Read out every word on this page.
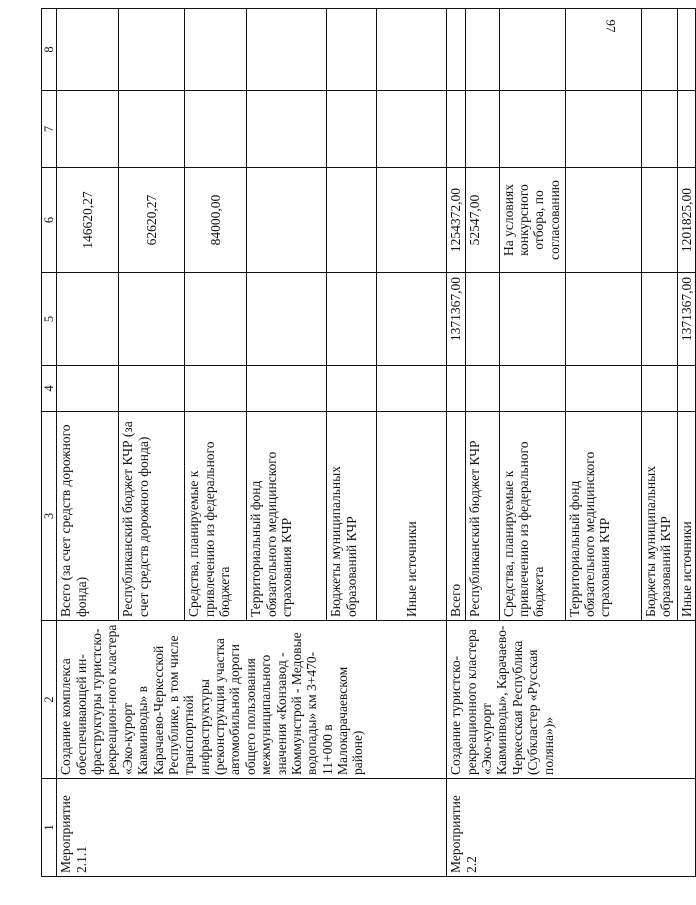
97
1	2	3	4	5	6	7	8
Мероприятие 2.1.1	Создание комплекса обеспечивающей ин-фраструктуры туристско-рекреацион-ного кластера «Эко-курорт Кавминводы» в Карачаево-Черкесской Республике, в том числе транспортной инфраструктуры (реконструкция участка автомобильной дороги общего пользования межмуниципального значения «Конзавод - Коммунстрой - Медовые водопады» км 3+470-11+000 в Малокарачаевском районе)	Всего (за счет средств дорожного фонда)			146620,27		
		Республиканский бюджет КЧР (за счет средств дорожного фонда)			62620,27		
		Средства, планируемые к привлечению из федерального бюджета			84000,00		
		Территориальный фонд обязательного медицинского страхования КЧР					
		Бюджеты муниципальных образований КЧР					
		Иные источники					
Мероприятие 2.2	Создание туристско-рекреационного кластера «Эко-курорт Кавминводы», Карачаево-Черкесская Республика (Субкластер «Русская поляна»)»	Всего		1371367,00	1254372,00		
		Республиканский бюджет КЧР			52547,00		
		Средства, планируемые к привлечению из федерального бюджета			На условиях конкурсного отбора, по согласованию		
		Территориальный фонд обязательного медицинского страхования КЧР					
		Бюджеты муниципальных образований КЧР					
		Иные источники		1371367,00	1201825,00		
